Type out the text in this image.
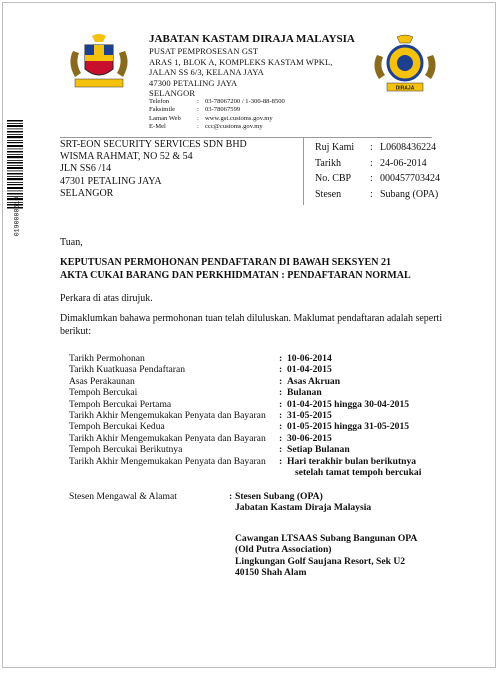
JABATAN KASTAM DIRAJA MALAYSIA
PUSAT PEMPROSESAN GST
ARAS 1, BLOK A, KOMPLEKS KASTAM WPKL,
JALAN SS 6/3, KELANA JAYA
47300 PETALING JAYA
SELANGOR
Telefon	: 03-78067200 / 1-300-88-8500
Faksimile	: 03-78067599
Laman Web	: www.gst.customs.gov.my
E-Mel	: ccc@customs.gov.my
DIRAJA
0190000610
SRT-EON SECURITY SERVICES SDN BHD
WISMA RAHMAT, NO 52 & 54
JLN SS6 /14
47301 PETALING JAYA
SELANGOR
Ruj Kami	: L0608436224
Tarikh	: 24-06-2014
No. CBP	: 000457703424
Stesen	: Subang (OPA)
Tuan,
KEPUTUSAN PERMOHONAN PENDAFTARAN DI BAWAH SEKSYEN 21 AKTA CUKAI BARANG DAN PERKHIDMATAN : PENDAFTARAN NORMAL
Perkara di atas dirujuk.
Dimaklumkan bahawa permohonan tuan telah diluluskan. Maklumat pendaftaran adalah seperti berikut:
Tarikh Permohonan	: 10-06-2014
Tarikh Kuatkuasa Pendaftaran	: 01-04-2015
Asas Perakaunan	: Asas Akruan
Tempoh Bercukai	: Bulanan
Tempoh Bercukai Pertama	: 01-04-2015 hingga 30-04-2015
Tarikh Akhir Mengemukakan Penyata dan Bayaran	: 31-05-2015
Tempoh Bercukai Kedua	: 01-05-2015 hingga 31-05-2015
Tarikh Akhir Mengemukakan Penyata dan Bayaran	: 30-06-2015
Tempoh Bercukai Berikutnya	: Setiap Bulanan
Tarikh Akhir Mengemukakan Penyata dan Bayaran	: Hari terakhir bulan berikutnya
setelah tamat tempoh bercukai
Stesen Mengawal & Alamat	: Stesen Subang (OPA)
Jabatan Kastam Diraja Malaysia
Cawangan LTSAAS Subang Bangunan OPA
(Old Putra Association)
Lingkungan Golf Saujana Resort, Sek U2
40150 Shah Alam
